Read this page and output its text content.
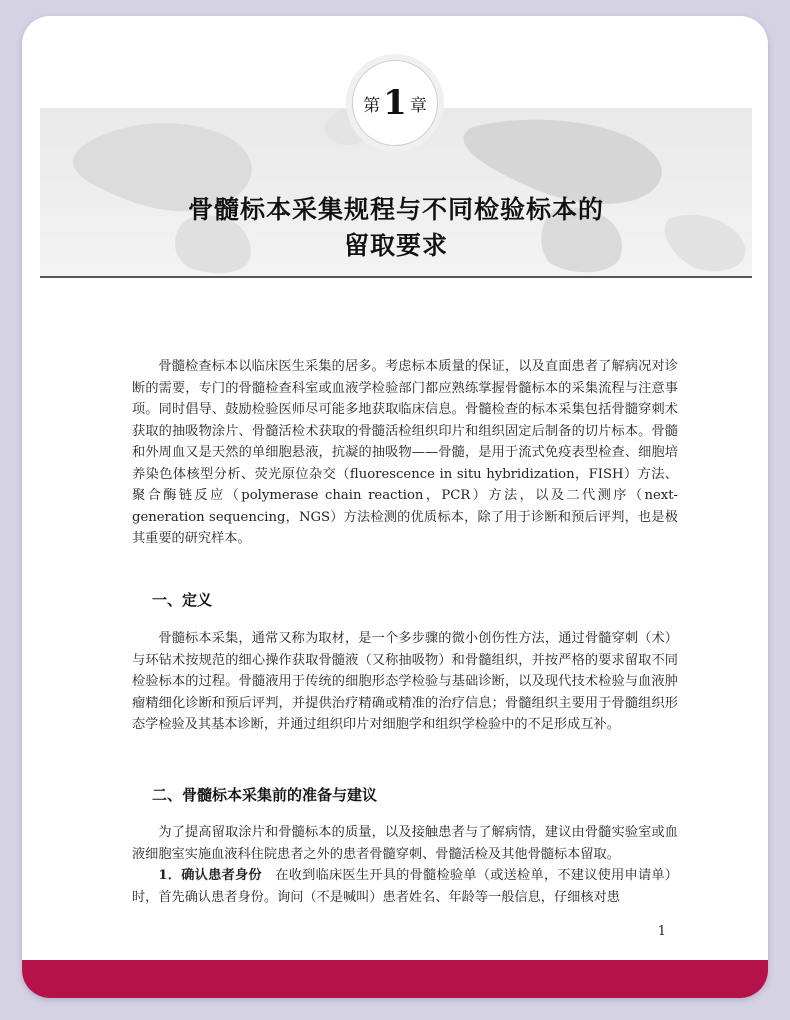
第 1 章
骨髓标本采集规程与不同检验标本的
留取要求

骨髓检查标本以临床医生采集的居多。考虑标本质量的保证，以及直面患者了解病况对诊断的需要，专门的骨髓检查科室或血液学检验部门都应熟练掌握骨髓标本的采集流程与注意事项。同时倡导、鼓励检验医师尽可能多地获取临床信息。骨髓检查的标本采集包括骨髓穿刺术获取的抽吸物涂片、骨髓活检术获取的骨髓活检组织印片和组织固定后制备的切片标本。骨髓和外周血又是天然的单细胞悬液，抗凝的抽吸物——骨髓，是用于流式免疫表型检查、细胞培养染色体核型分析、荧光原位杂交（fluorescence in situ hybridization，FISH）方法、聚合酶链反应（polymerase chain reaction，PCR）方法，以及二代测序（next-generation sequencing，NGS）方法检测的优质标本，除了用于诊断和预后评判，也是极其重要的研究样本。

一、定义

骨髓标本采集，通常又称为取材，是一个多步骤的微小创伤性方法，通过骨髓穿刺（术）与环钻术按规范的细心操作获取骨髓液（又称抽吸物）和骨髓组织，并按严格的要求留取不同检验标本的过程。骨髓液用于传统的细胞形态学检验与基础诊断，以及现代技术检验与血液肿瘤精细化诊断和预后评判，并提供治疗精确或精准的治疗信息；骨髓组织主要用于骨髓组织形态学检验及其基本诊断，并通过组织印片对细胞学和组织学检验中的不足形成互补。

二、骨髓标本采集前的准备与建议

为了提高留取涂片和骨髓标本的质量，以及接触患者与了解病情，建议由骨髓实验室或血液细胞室实施血液科住院患者之外的患者骨髓穿刺、骨髓活检及其他骨髓标本留取。

1．确认患者身份  在收到临床医生开具的骨髓检验单（或送检单，不建议使用申请单）时，首先确认患者身份。询问（不是喊叫）患者姓名、年龄等一般信息，仔细核对患

1
